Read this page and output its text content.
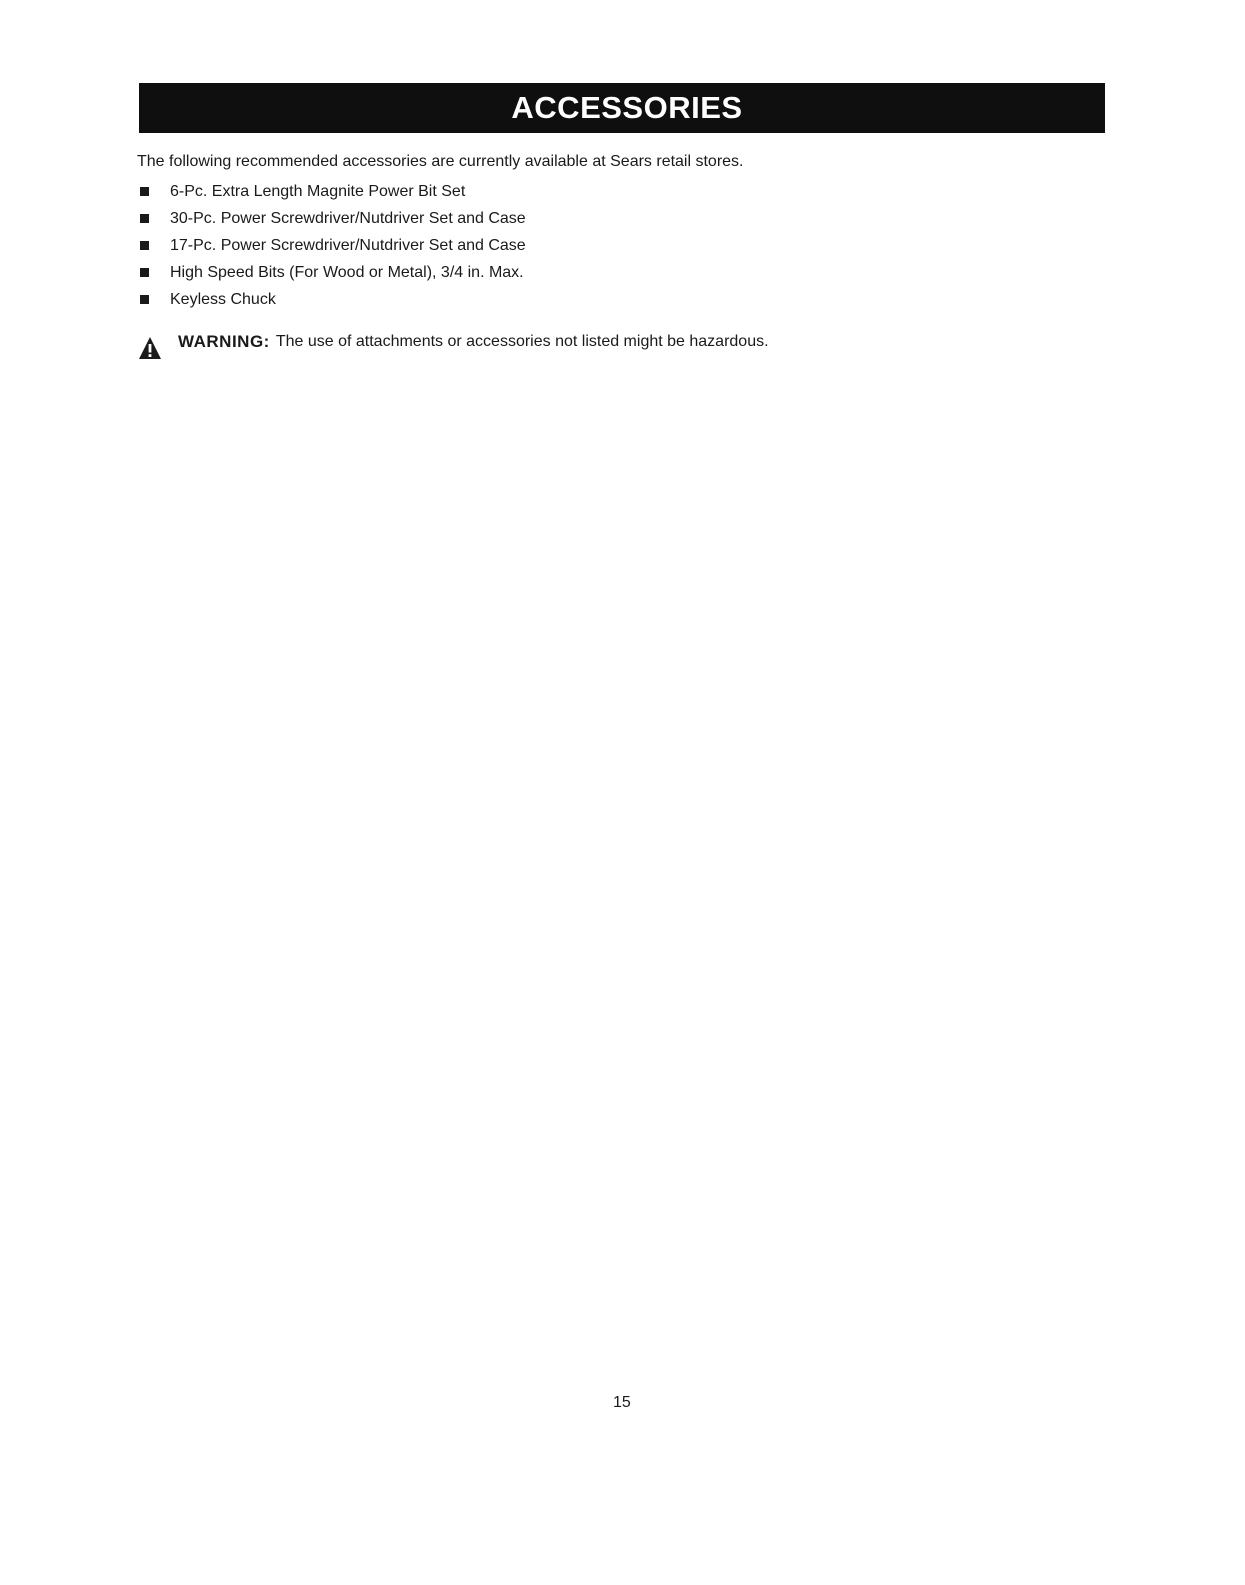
ACCESSORIES
The following recommended accessories are currently available at Sears retail stores.
6-Pc. Extra Length Magnite Power Bit Set
30-Pc. Power Screwdriver/Nutdriver Set and Case
17-Pc. Power Screwdriver/Nutdriver Set and Case
High Speed Bits (For Wood or Metal), 3/4 in. Max.
Keyless Chuck
WARNING: The use of attachments or accessories not listed might be hazardous.
15
